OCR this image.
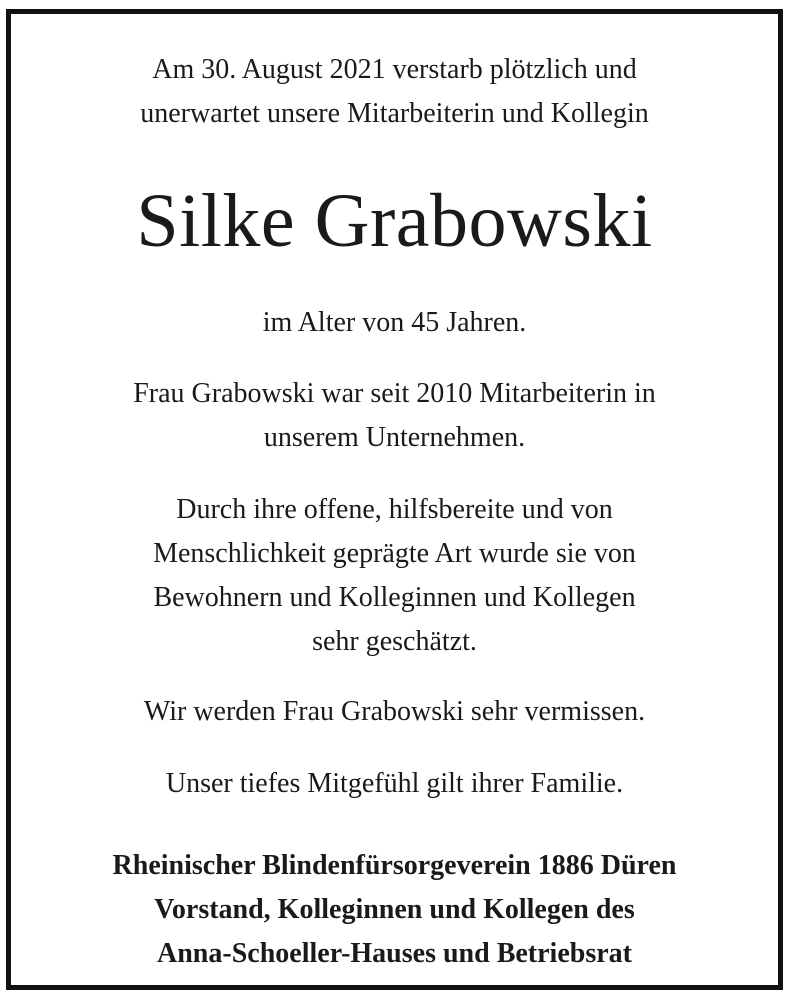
Am 30. August 2021 verstarb plötzlich und
unerwartet unsere Mitarbeiterin und Kollegin
Silke Grabowski
im Alter von 45 Jahren.
Frau Grabowski war seit 2010 Mitarbeiterin in
unserem Unternehmen.
Durch ihre offene, hilfsbereite und von
Menschlichkeit geprägte Art wurde sie von
Bewohnern und Kolleginnen und Kollegen
sehr geschätzt.
Wir werden Frau Grabowski sehr vermissen.
Unser tiefes Mitgefühl gilt ihrer Familie.
Rheinischer Blindenfürsorgeverein 1886 Düren
Vorstand, Kolleginnen und Kollegen des
Anna-Schoeller-Hauses und Betriebsrat
